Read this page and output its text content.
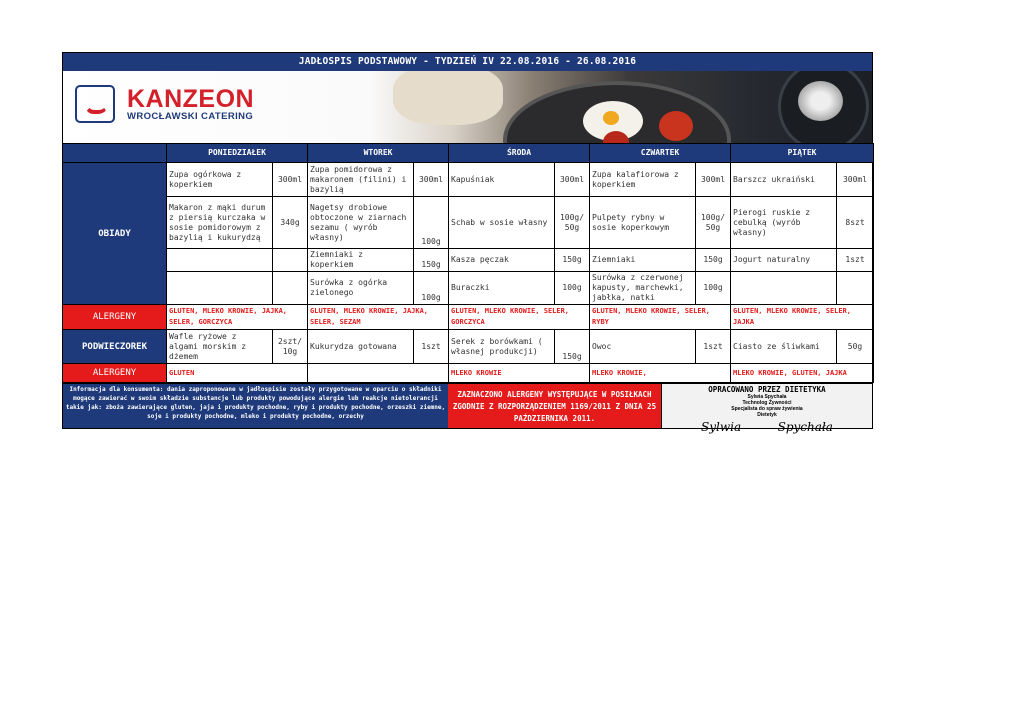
JADŁOSPIS PODSTAWOWY - TYDZIEŃ IV 22.08.2016 - 26.08.2016
KANZEON
WROCŁAWSKI CATERING
	PONIEDZIAŁEK		WTOREK		ŚRODA		CZWARTEK		PIĄTEK	
OBIADY	Zupa ogórkowa z koperkiem	300ml	Zupa pomidorowa z makaronem (filini) i bazylią	300ml	Kapuśniak	300ml	Zupa kalafiorowa z koperkiem	300ml	Barszcz ukraiński	300ml
	Makaron z mąki durum z piersią kurczaka w sosie pomidorowym z bazylią i kukurydzą	340g	Nagetsy drobiowe obtoczone w ziarnach sezamu ( wyrób własny)	100g	Schab w sosie własny	100g/ 50g	Pulpety rybny w sosie koperkowym	100g/ 50g	Pierogi ruskie z cebulką (wyrób własny)	8szt
			Ziemniaki z koperkiem	150g	Kasza pęczak	150g	Ziemniaki	150g	Jogurt naturalny	1szt
			Surówka z ogórka zielonego	100g	Buraczki	100g	Surówka z czerwonej kapusty, marchewki, jabłka, natki	100g		
ALERGENY	GLUTEN, MLEKO KROWIE, JAJKA, SELER, GORCZYCA		GLUTEN, MLEKO KROWIE, JAJKA, SELER, SEZAM		GLUTEN, MLEKO KROWIE, SELER, GORCZYCA		GLUTEN, MLEKO KROWIE, SELER, RYBY		GLUTEN, MLEKO KROWIE, SELER, JAJKA	
PODWIECZOREK	Wafle ryżowe z algami morskim z dżemem	2szt/ 10g	Kukurydza gotowana	1szt	Serek z borówkami ( własnej produkcji)	150g	Owoc	1szt	Ciasto ze śliwkami	50g
ALERGENY	GLUTEN				MLEKO KROWIE		MLEKO KROWIE,		MLEKO KROWIE, GLUTEN, JAJKA	
Informacja dla konsumenta: dania zaproponowane w jadłospisie zostały przygotowane w oparciu o składniki mogące zawierać w swoim składzie substancje lub produkty powodujące alergie lub reakcje nietolerancji takie jak: zboża zawierające gluten, jaja i produkty pochodne, ryby i produkty pochodne, orzeszki ziemne, soje i produkty pochodne, mleko i produkty pochodne, orzechy
ZAZNACZONO ALERGENY WYSTĘPUJĄCE W POSIŁKACH ZGODNIE Z ROZPORZĄDZENIEM 1169/2011 Z DNIA 25 PAŹDZIERNIKA 2011.
OPRACOWANO PRZEZ DIETETYKA
Sylwia Spychała
Technolog Żywności
Specjalista do spraw żywienia
Dietetyk
Sylwia	Spychała
